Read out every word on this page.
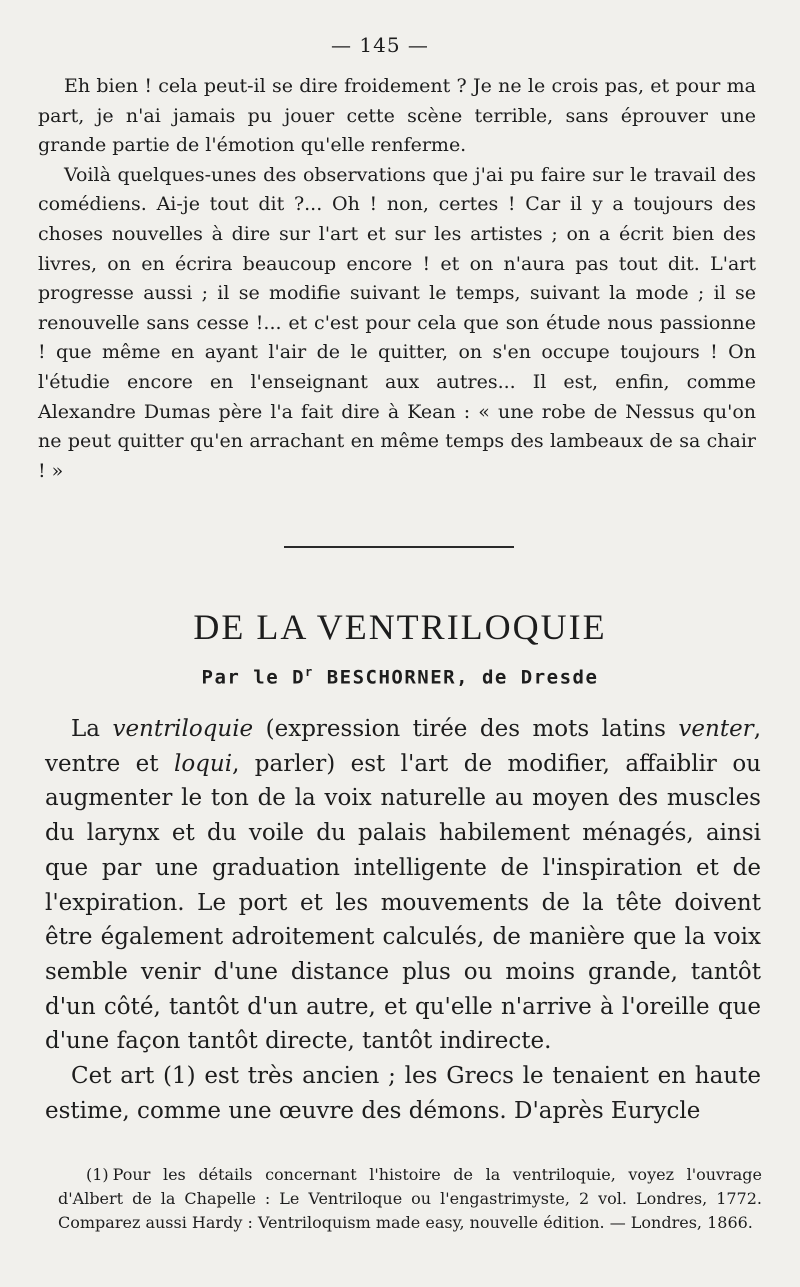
— 145 —

Eh bien ! cela peut-il se dire froidement ? Je ne le crois pas, et pour ma part, je n'ai jamais pu jouer cette scène terrible, sans éprouver une grande partie de l'émotion qu'elle renferme.

Voilà quelques-unes des observations que j'ai pu faire sur le travail des comédiens. Ai-je tout dit ?... Oh ! non, certes ! Car il y a toujours des choses nouvelles à dire sur l'art et sur les artistes ; on a écrit bien des livres, on en écrira beaucoup encore ! et on n'aura pas tout dit. L'art progresse aussi ; il se modifie suivant le temps, suivant la mode ; il se renouvelle sans cesse !... et c'est pour cela que son étude nous passionne ! que même en ayant l'air de le quitter, on s'en occupe toujours ! On l'étudie encore en l'enseignant aux autres... Il est, enfin, comme Alexandre Dumas père l'a fait dire à Kean : « une robe de Nessus qu'on ne peut quitter qu'en arrachant en même temps des lambeaux de sa chair ! »

DE LA VENTRILOQUIE

Par le $D^r$ BESCHORNER, de Dresde

La ventriloquie (expression tirée des mots latins venter, ventre et loqui, parler) est l'art de modifier, affaiblir ou augmenter le ton de la voix naturelle au moyen des muscles du larynx et du voile du palais habilement ménagés, ainsi que par une graduation intelligente de l'inspiration et de l'expiration. Le port et les mouvements de la tête doivent être également adroitement calculés, de manière que la voix semble venir d'une distance plus ou moins grande, tantôt d'un côté, tantôt d'un autre, et qu'elle n'arrive à l'oreille que d'une façon tantôt directe, tantôt indirecte.

Cet art (1) est très ancien ; les Grecs le tenaient en haute estime, comme une œuvre des démons. D'après Eurycle

(1) Pour les détails concernant l'histoire de la ventriloquie, voyez l'ouvrage d'Albert de la Chapelle : Le Ventriloque ou l'engastrimyste, 2 vol. Londres, 1772. Comparez aussi Hardy : Ventriloquism made easy, nouvelle édition. — Londres, 1866.
